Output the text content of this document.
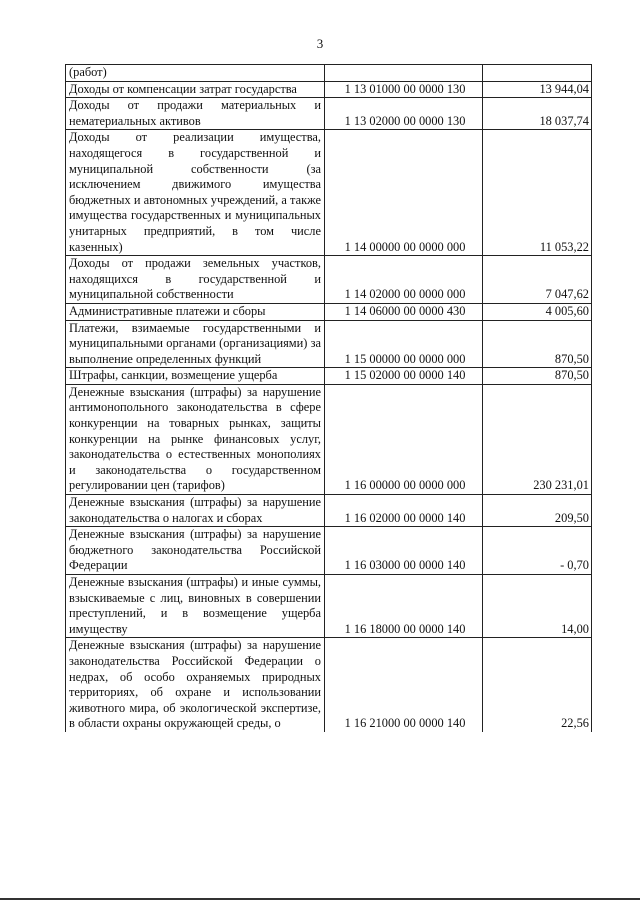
3
(работ)		
Доходы от компенсации затрат государства	1 13 01000 00 0000 130	13 944,04
Доходы от продажи материальных и нематериальных активов	1 13 02000 00 0000 130	18 037,74
Доходы от реализации имущества, находящегося в государственной и муниципальной собственности (за исключением движимого имущества бюджетных и автономных учреждений, а также имущества государственных и муниципальных унитарных предприятий, в том числе казенных)	1 14 00000 00 0000 000	11 053,22
Доходы от продажи земельных участков, находящихся в государственной и муниципальной собственности	1 14 02000 00 0000 000	7 047,62
Административные платежи и сборы	1 14 06000 00 0000 430	4 005,60
Платежи, взимаемые государственными и муниципальными органами (организациями) за выполнение определенных функций	1 15 00000 00 0000 000	870,50
Штрафы, санкции, возмещение ущерба	1 15 02000 00 0000 140	870,50
Денежные взыскания (штрафы) за нарушение антимонопольного законодательства в сфере конкуренции на товарных рынках, защиты конкуренции на рынке финансовых услуг, законодательства о естественных монополиях и законодательства о государственном регулировании цен (тарифов)	1 16 00000 00 0000 000	230 231,01
Денежные взыскания (штрафы) за нарушение законодательства о налогах и сборах	1 16 02000 00 0000 140	209,50
Денежные взыскания (штрафы) за нарушение бюджетного законодательства Российской Федерации	1 16 03000 00 0000 140	- 0,70
Денежные взыскания (штрафы) и иные суммы, взыскиваемые с лиц, виновных в совершении преступлений, и в возмещение ущерба имуществу	1 16 18000 00 0000 140	14,00
Денежные взыскания (штрафы) за нарушение законодательства Российской Федерации о недрах, об особо охраняемых природных территориях, об охране и использовании животного мира, об экологической экспертизе, в области охраны окружающей среды, о	1 16 21000 00 0000 140	22,56
